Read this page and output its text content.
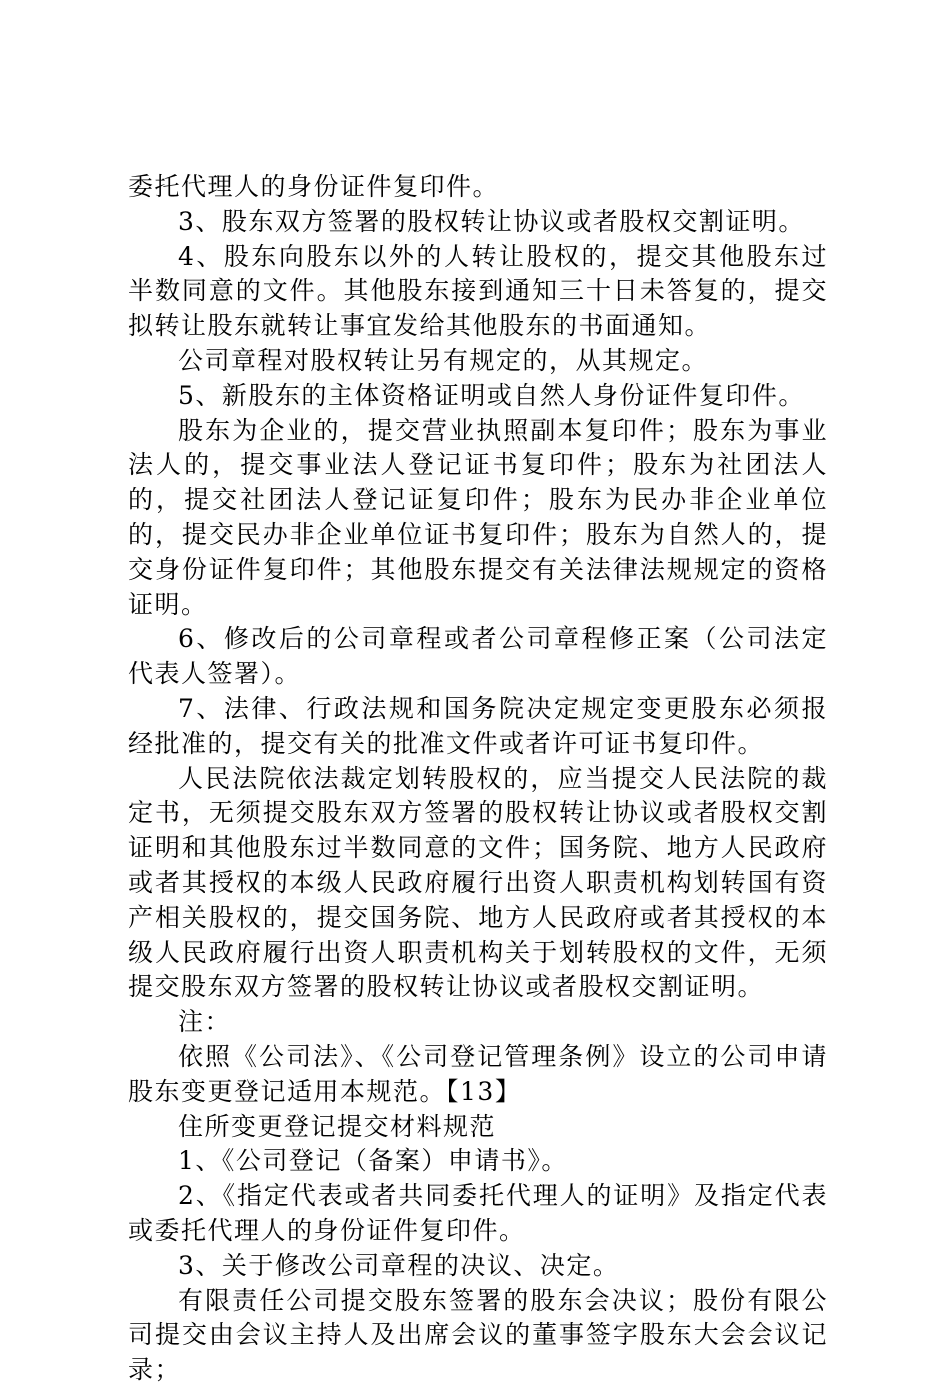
委托代理人的身份证件复印件。

3、股东双方签署的股权转让协议或者股权交割证明。

4、股东向股东以外的人转让股权的，提交其他股东过半数同意的文件。其他股东接到通知三十日未答复的，提交拟转让股东就转让事宜发给其他股东的书面通知。

公司章程对股权转让另有规定的，从其规定。

5、新股东的主体资格证明或自然人身份证件复印件。

股东为企业的，提交营业执照副本复印件；股东为事业法人的，提交事业法人登记证书复印件；股东为社团法人的，提交社团法人登记证复印件；股东为民办非企业单位的，提交民办非企业单位证书复印件；股东为自然人的，提交身份证件复印件；其他股东提交有关法律法规规定的资格证明。

6、修改后的公司章程或者公司章程修正案（公司法定代表人签署）。

7、法律、行政法规和国务院决定规定变更股东必须报经批准的，提交有关的批准文件或者许可证书复印件。

人民法院依法裁定划转股权的，应当提交人民法院的裁定书，无须提交股东双方签署的股权转让协议或者股权交割证明和其他股东过半数同意的文件；国务院、地方人民政府或者其授权的本级人民政府履行出资人职责机构划转国有资产相关股权的，提交国务院、地方人民政府或者其授权的本级人民政府履行出资人职责机构关于划转股权的文件，无须提交股东双方签署的股权转让协议或者股权交割证明。

注：

依照《公司法》、《公司登记管理条例》设立的公司申请股东变更登记适用本规范。【13】

住所变更登记提交材料规范

1、《公司登记（备案）申请书》。

2、《指定代表或者共同委托代理人的证明》及指定代表或委托代理人的身份证件复印件。

3、关于修改公司章程的决议、决定。

有限责任公司提交股东签署的股东会决议；股份有限公司提交由会议主持人及出席会议的董事签字股东大会会议记录；
